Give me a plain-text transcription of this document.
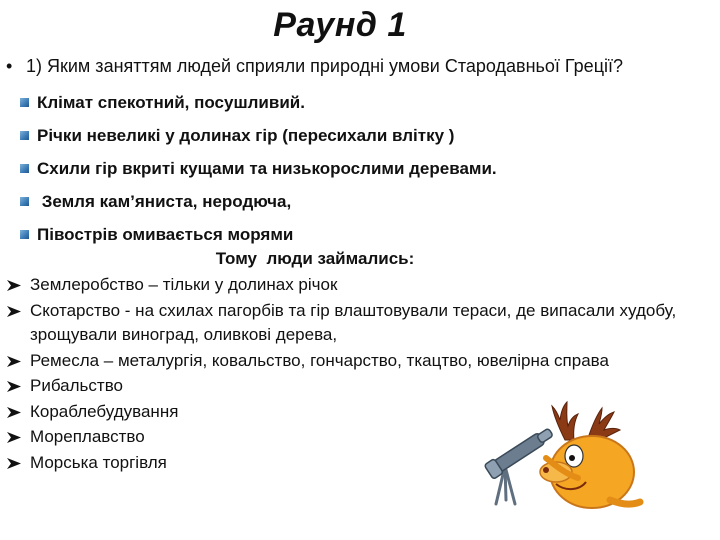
Раунд 1
• 1) Яким заняттям людей сприяли природні умови Стародавньої Греції?
Клімат спекотний, посушливий.
Річки невеликі у долинах гір (пересихали влітку )
Схили гір вкриті кущами та низькорослими деревами.
Земля кам’яниста, неродюча,
Півострів омивається морями
Тому  люди займались:
Землеробство – тільки у долинах річок
Скотарство - на схилах пагорбів та гір влаштовували тераси, де випасали худобу, зрощували виноград, оливкові дерева,
Ремесла – металургія, ковальство, гончарство, ткацтво, ювелірна справа
Рибальство
Кораблебудування
Мореплавство
Морська торгівля
